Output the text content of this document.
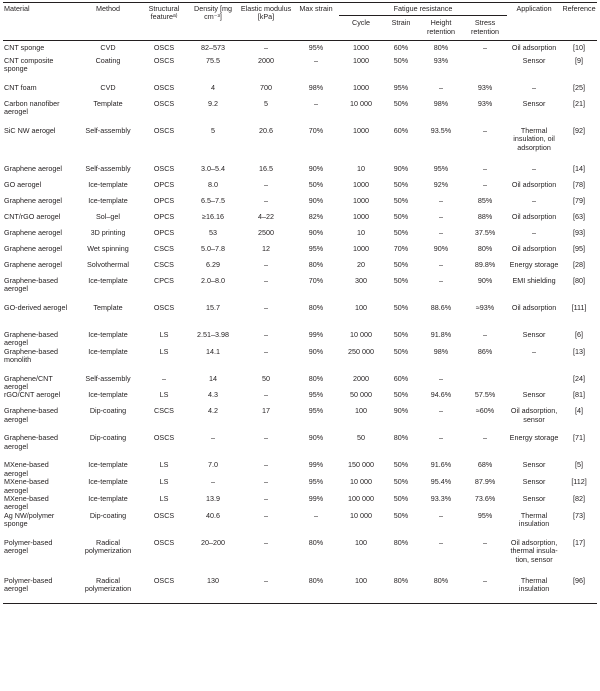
Material	Method	Structural feature$^{a)}$	Density [mg cm⁻³]	Elastic modulus [kPa]	Max strain	Fatigue resistance				Application	Reference
						Cycle	Strain	Height retention	Stress retention		

CNT sponge	CVD	OSCS	82–573	–	95%	1000	60%	80%	–	Oil adsorption	[10]
CNT composite sponge	Coating	OSCS	75.5	2000	–	1000	50%	93%		Sensor	[9]
CNT foam	CVD	OSCS	4	700	98%	1000	95%	–	93%	–	[25]
Carbon nanofiber aerogel	Template	OSCS	9.2	5	–	10 000	50%	98%	93%	Sensor	[21]
SiC NW aerogel	Self-assembly	OSCS	5	20.6	70%	1000	60%	93.5%	–	Thermal insulation, oil adsorption	[92]
Graphene aerogel	Self-assembly	OSCS	3.0–5.4	16.5	90%	10	90%	95%	–	–	[14]
GO aerogel	Ice-template	OPCS	8.0	–	50%	1000	50%	92%	–	Oil adsorption	[78]
Graphene aerogel	Ice-template	OPCS	6.5–7.5	–	90%	1000	50%	–	85%	–	[79]
CNT/rGO aerogel	Sol–gel	OPCS	≥16.16	4–22	82%	1000	50%	–	88%	Oil adsorption	[63]
Graphene aerogel	3D printing	OPCS	53	2500	90%	10	50%	–	37.5%	–	[93]
Graphene aerogel	Wet spinning	CSCS	5.0–7.8	12	95%	1000	70%	90%	80%	Oil adsorption	[95]
Graphene aerogel	Solvothermal	CSCS	6.29	–	80%	20	50%	–	89.8%	Energy storage	[28]
Graphene-based aerogel	Ice-template	CPCS	2.0–8.0	–	70%	300	50%	–	90%	EMI shielding	[80]
GO-derived aerogel	Template	OSCS	15.7	–	80%	100	50%	88.6%	≈93%	Oil adsorption	[111]
Graphene-based aerogel	Ice-template	LS	2.51–3.98	–	99%	10 000	50%	91.8%	–	Sensor	[6]
Graphene-based monolith	Ice-template	LS	14.1	–	90%	250 000	50%	98%	86%	–	[13]
Graphene/CNT aerogel	Self-assembly	–	14	50	80%	2000	60%	–			[24]
rGO/CNT aerogel	Ice-template	LS	4.3	–	95%	50 000	50%	94.6%	57.5%	Sensor	[81]
Graphene-based aerogel	Dip-coating	CSCS	4.2	17	95%	100	90%	–	≈60%	Oil adsorption, sensor	[4]
Graphene-based aerogel	Dip-coating	OSCS	–	–	90%	50	80%	–	–	Energy storage	[71]
MXene-based aerogel	Ice-template	LS	7.0	–	99%	150 000	50%	91.6%	68%	Sensor	[5]
MXene-based aerogel	Ice-template	LS	–	–	95%	10 000	50%	95.4%	87.9%	Sensor	[112]
MXene-based aerogel	Ice-template	LS	13.9	–	99%	100 000	50%	93.3%	73.6%	Sensor	[82]
Ag NW/polymer sponge	Dip-coating	OSCS	40.6	–	–	10 000	50%	–	95%	Thermal insulation	[73]
Polymer-based aerogel	Radical polymerization	OSCS	20–200	–	80%	100	80%	–	–	Oil adsorption, thermal insula-tion, sensor	[17]
Polymer-based aerogel	Radical polymerization	OSCS	130	–	80%	100	80%	80%	–	Thermal insulation	[96]
